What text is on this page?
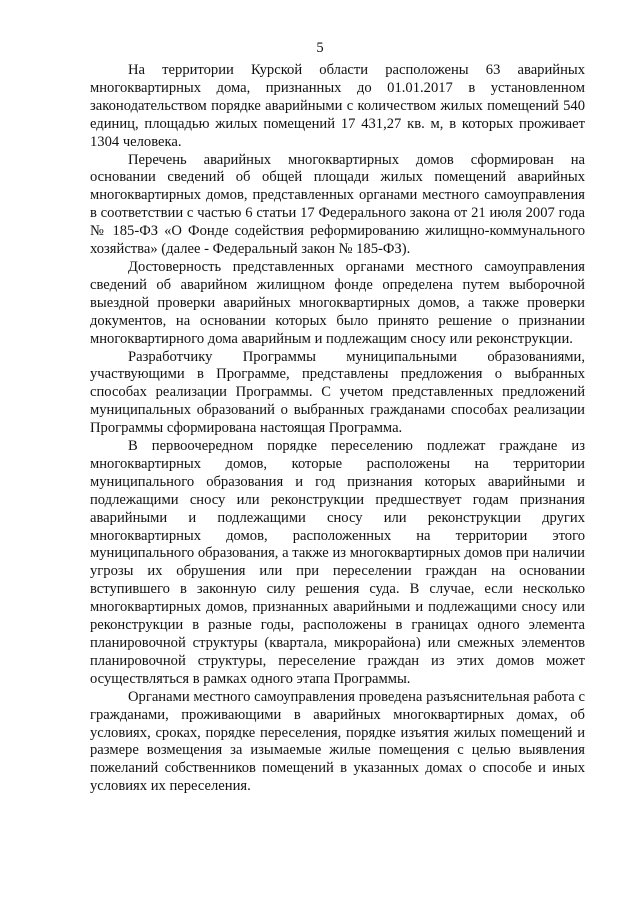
5

На территории Курской области расположены 63 аварийных многоквартирных дома, признанных до 01.01.2017 в установленном законодательством порядке аварийными с количеством жилых помещений 540 единиц, площадью жилых помещений 17 431,27 кв. м, в которых проживает 1304 человека.

Перечень аварийных многоквартирных домов сформирован на основании сведений об общей площади жилых помещений аварийных многоквартирных домов, представленных органами местного самоуправления в соответствии с частью 6 статьи 17 Федерального закона от 21 июля 2007 года № 185-ФЗ «О Фонде содействия реформированию жилищно-коммунального хозяйства» (далее - Федеральный закон № 185-ФЗ).

Достоверность представленных органами местного самоуправления сведений об аварийном жилищном фонде определена путем выборочной выездной проверки аварийных многоквартирных домов, а также проверки документов, на основании которых было принято решение о признании многоквартирного дома аварийным и подлежащим сносу или реконструкции.

Разработчику Программы муниципальными образованиями, участвующими в Программе, представлены предложения о выбранных способах реализации Программы. С учетом представленных предложений муниципальных образований о выбранных гражданами способах реализации Программы сформирована настоящая Программа.

В первоочередном порядке переселению подлежат граждане из многоквартирных домов, которые расположены на территории муниципального образования и год признания которых аварийными и подлежащими сносу или реконструкции предшествует годам признания аварийными и подлежащими сносу или реконструкции других многоквартирных домов, расположенных на территории этого муниципального образования, а также из многоквартирных домов при наличии угрозы их обрушения или при переселении граждан на основании вступившего в законную силу решения суда. В случае, если несколько многоквартирных домов, признанных аварийными и подлежащими сносу или реконструкции в разные годы, расположены в границах одного элемента планировочной структуры (квартала, микрорайона) или смежных элементов планировочной структуры, переселение граждан из этих домов может осуществляться в рамках одного этапа Программы.

Органами местного самоуправления проведена разъяснительная работа с гражданами, проживающими в аварийных многоквартирных домах, об условиях, сроках, порядке переселения, порядке изъятия жилых помещений и размере возмещения за изымаемые жилые помещения с целью выявления пожеланий собственников помещений в указанных домах о способе и иных условиях их переселения.
